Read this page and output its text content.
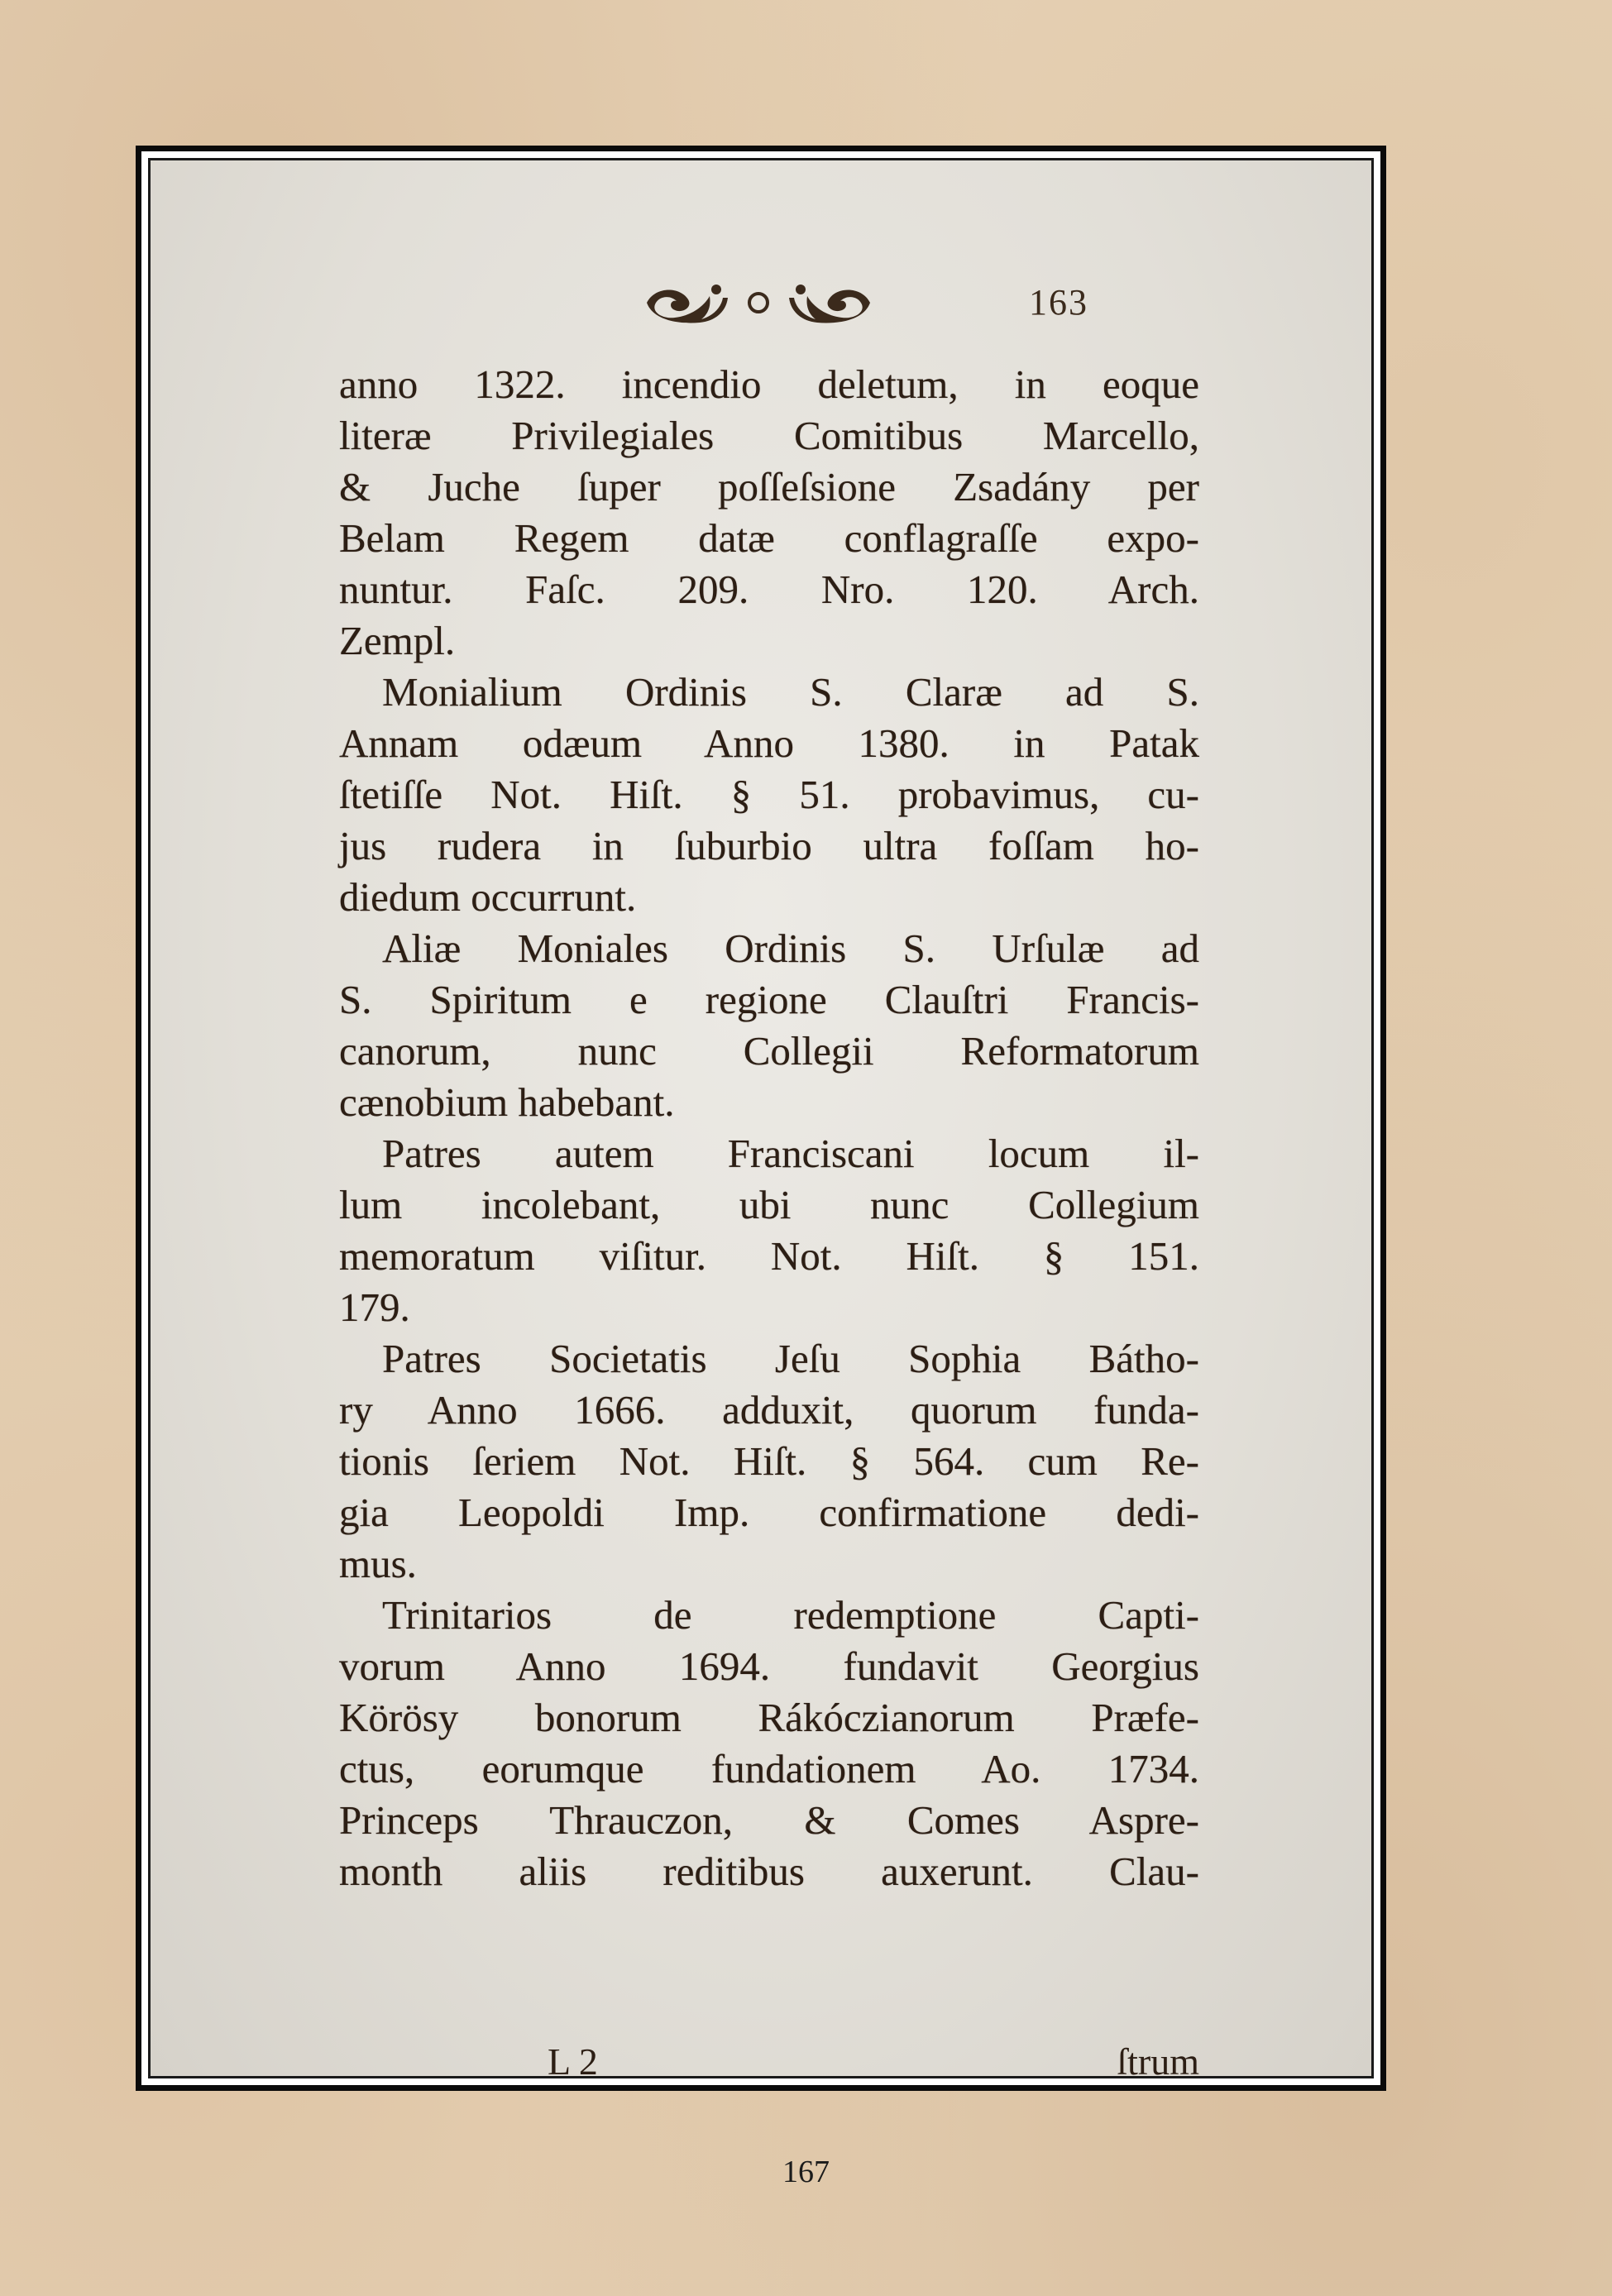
163
anno 1322. incendio deletum, in eoque
literæ Privilegiales Comitibus Marcello,
& Juche ſuper poſſeſsione Zsadány per
Belam Regem datæ conflagraſſe expo-
nuntur. Faſc. 209. Nro. 120. Arch.
Zempl.
Monialium Ordinis S. Claræ ad S.
Annam odæum Anno 1380. in Patak
ſtetiſſe Not. Hiſt. § 51. probavimus, cu-
jus rudera in ſuburbio ultra foſſam ho-
diedum occurrunt.
Aliæ Moniales Ordinis S. Urſulæ ad
S. Spiritum e regione Clauſtri Francis-
canorum, nunc Collegii Reformatorum
cænobium habebant.
Patres autem Franciscani locum il-
lum incolebant, ubi nunc Collegium
memoratum viſitur. Not. Hiſt. § 151.
179.
Patres Societatis Jeſu Sophia Bátho-
ry Anno 1666. adduxit, quorum funda-
tionis ſeriem Not. Hiſt. § 564. cum Re-
gia Leopoldi Imp. confirmatione dedi-
mus.
Trinitarios de redemptione Capti-
vorum Anno 1694. fundavit Georgius
Körösy bonorum Rákóczianorum Præfe-
ctus, eorumque fundationem Ao. 1734.
Princeps Thrauczon, & Comes Aspre-
month aliis reditibus auxerunt. Clau-
L 2	ſtrum
167
